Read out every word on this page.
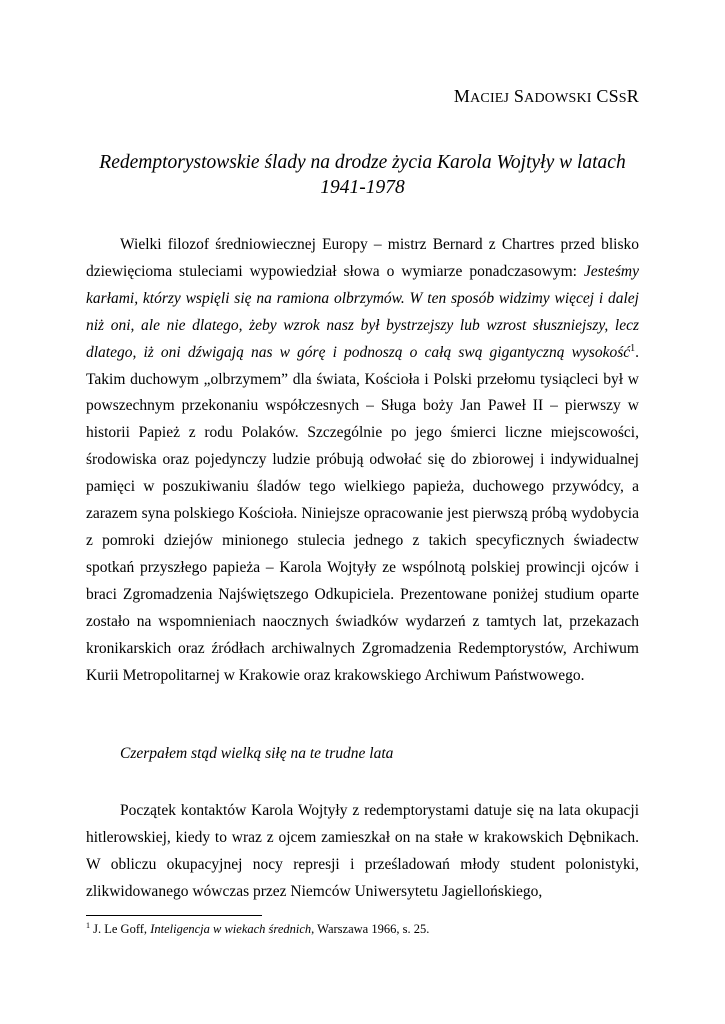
MACIEJ SADOWSKI CSSR
Redemptorystowskie ślady na drodze życia Karola Wojtyły w latach 1941-1978

Wielki filozof średniowiecznej Europy – mistrz Bernard z Chartres przed blisko dziewięcioma stuleciami wypowiedział słowa o wymiarze ponadczasowym: Jesteśmy karłami, którzy wspięli się na ramiona olbrzymów. W ten sposób widzimy więcej i dalej niż oni, ale nie dlatego, żeby wzrok nasz był bystrzejszy lub wzrost słuszniejszy, lecz dlatego, iż oni dźwigają nas w górę i podnoszą o całą swą gigantyczną wysokość$^1$. Takim duchowym „olbrzymem” dla świata, Kościoła i Polski przełomu tysiącleci był w powszechnym przekonaniu współczesnych – Sługa boży Jan Paweł II – pierwszy w historii Papież z rodu Polaków. Szczególnie po jego śmierci liczne miejscowości, środowiska oraz pojedynczy ludzie próbują odwołać się do zbiorowej i indywidualnej pamięci w poszukiwaniu śladów tego wielkiego papieża, duchowego przywódcy, a zarazem syna polskiego Kościoła. Niniejsze opracowanie jest pierwszą próbą wydobycia z pomroki dziejów minionego stulecia jednego z takich specyficznych świadectw spotkań przyszłego papieża – Karola Wojtyły ze wspólnotą polskiej prowincji ojców i braci Zgromadzenia Najświętszego Odkupiciela. Prezentowane poniżej studium oparte zostało na wspomnieniach naocznych świadków wydarzeń z tamtych lat, przekazach kronikarskich oraz źródłach archiwalnych Zgromadzenia Redemptorystów, Archiwum Kurii Metropolitarnej w Krakowie oraz krakowskiego Archiwum Państwowego.

Czerpałem stąd wielką siłę na te trudne lata

Początek kontaktów Karola Wojtyły z redemptorystami datuje się na lata okupacji hitlerowskiej, kiedy to wraz z ojcem zamieszkał on na stałe w krakowskich Dębnikach. W obliczu okupacyjnej nocy represji i prześladowań młody student polonistyki, zlikwidowanego wówczas przez Niemców Uniwersytetu Jagiellońskiego,

$^1$ J. Le Goff, Inteligencja w wiekach średnich, Warszawa 1966, s. 25.
